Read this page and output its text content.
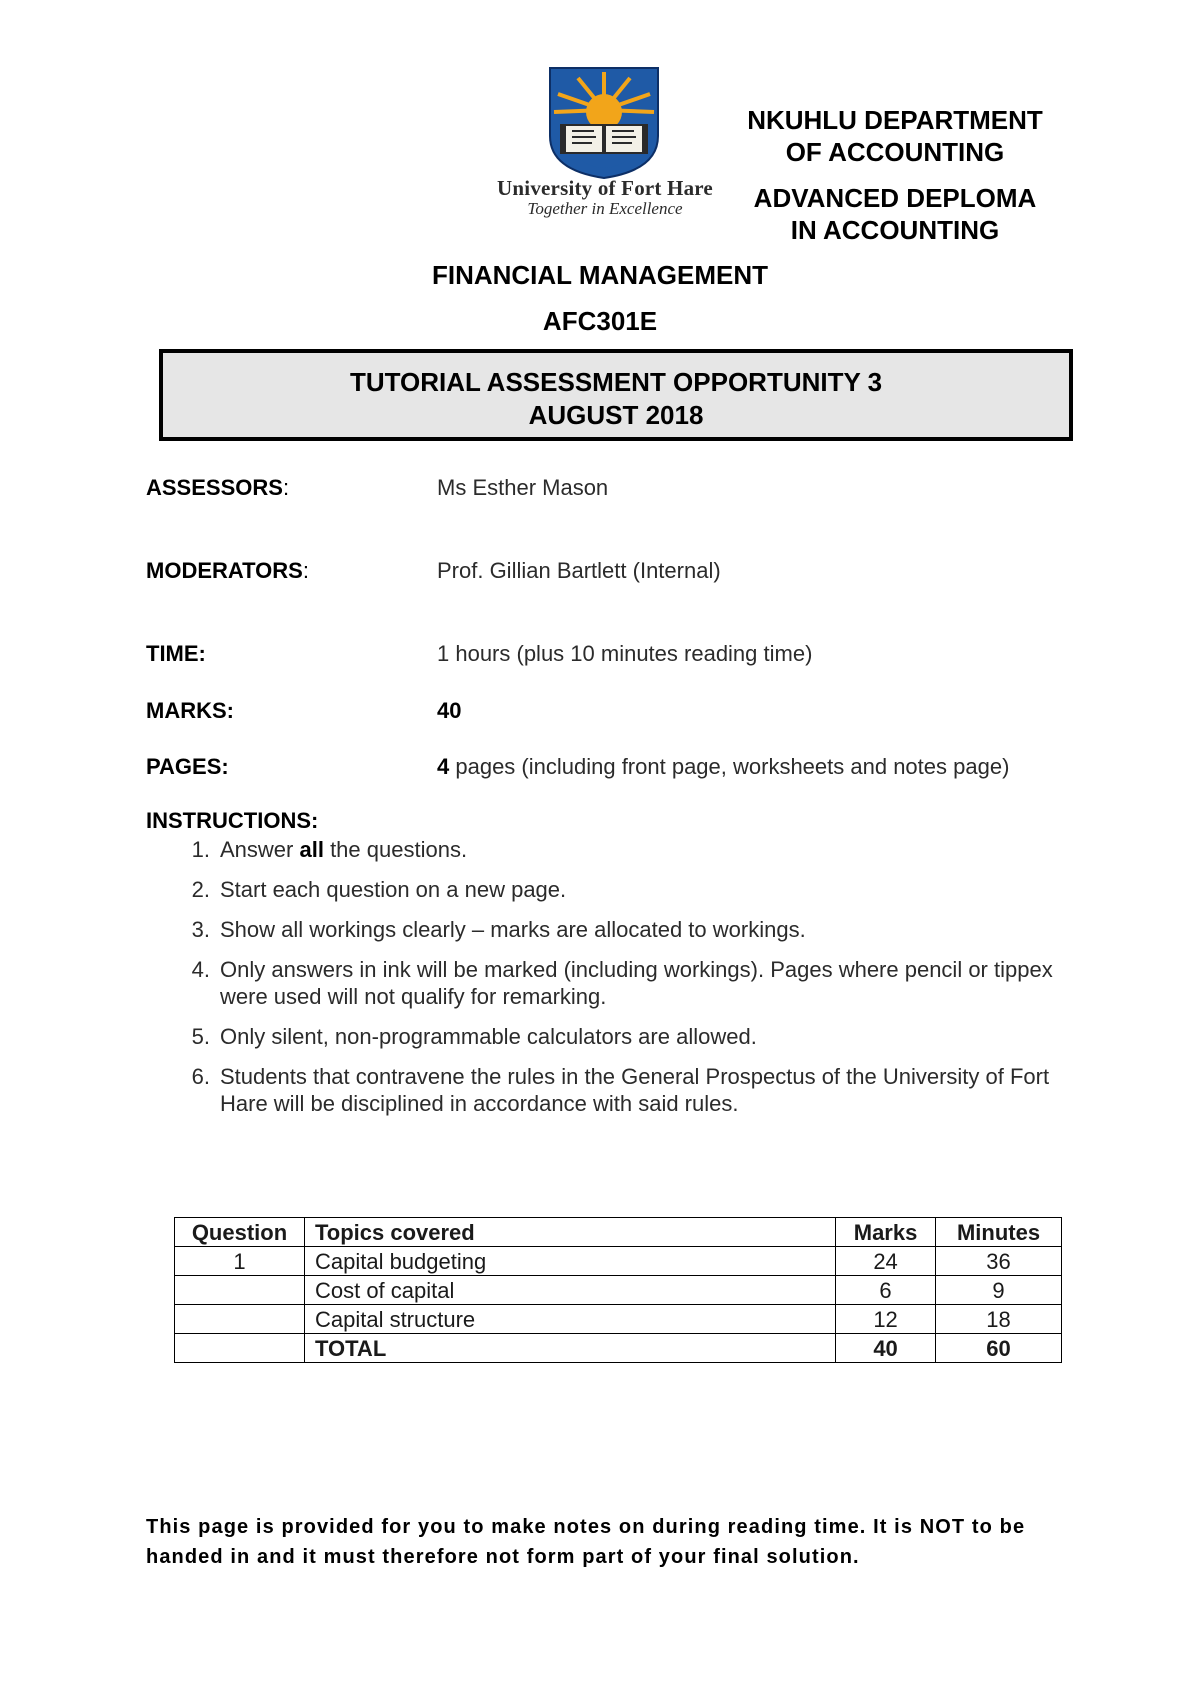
University of Fort Hare
Together in Excellence
NKUHLU DEPARTMENT
OF ACCOUNTING
ADVANCED DEPLOMA
IN ACCOUNTING
FINANCIAL MANAGEMENT
AFC301E
TUTORIAL ASSESSMENT OPPORTUNITY 3
AUGUST 2018
ASSESSORS:	Ms Esther Mason
MODERATORS:	Prof. Gillian Bartlett (Internal)
TIME:	1 hours (plus 10 minutes reading time)
MARKS:	40
PAGES:	4 pages (including front page, worksheets and notes page)
INSTRUCTIONS:
1. Answer all the questions.
2. Start each question on a new page.
3. Show all workings clearly – marks are allocated to workings.
4. Only answers in ink will be marked (including workings). Pages where pencil or tippex were used will not qualify for remarking.
5. Only silent, non-programmable calculators are allowed.
6. Students that contravene the rules in the General Prospectus of the University of Fort Hare will be disciplined in accordance with said rules.
Question	Topics covered	Marks	Minutes
1	Capital budgeting	24	36
	Cost of capital	6	9
	Capital structure	12	18
	TOTAL	40	60
This page is provided for you to make notes on during reading time. It is NOT to be handed in and it must therefore not form part of your final solution.
